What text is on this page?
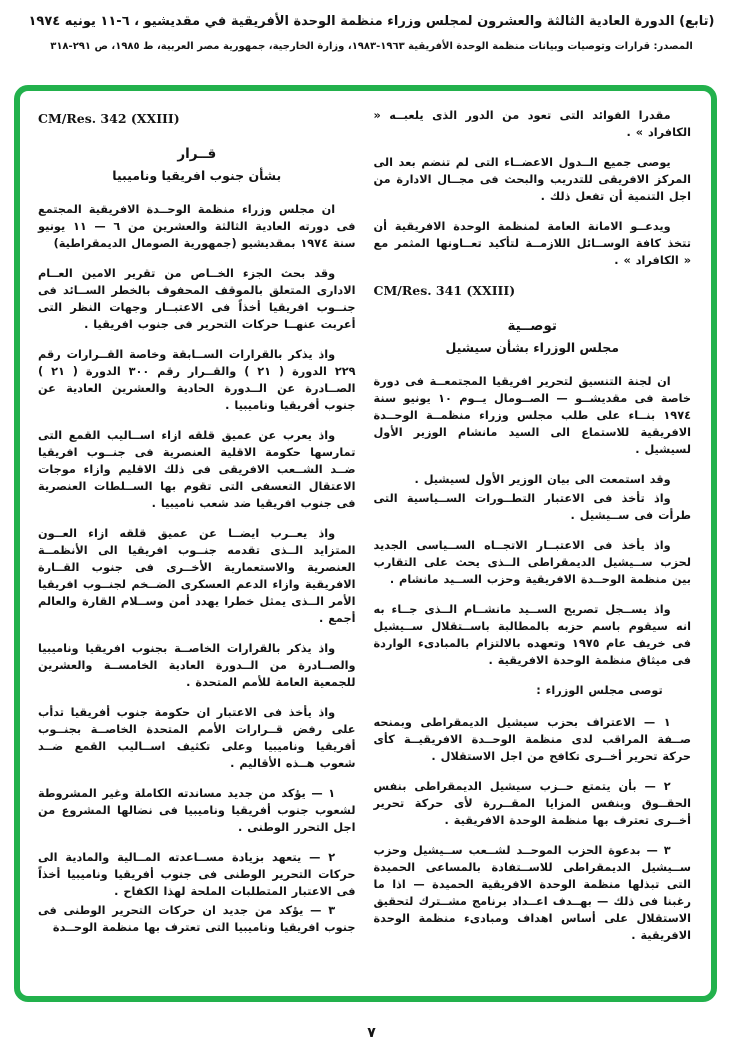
(تابع) الدورة العادية الثالثة والعشرون لمجلس وزراء منظمة الوحدة الأفريقية في مقديشيو ، ٦-١١ يونيه ١٩٧٤
المصدر: قرارات وتوصيات وبيانات منظمة الوحدة الأفريقية ١٩٦٣-١٩٨٣، وزارة الخارجية، جمهورية مصر العربية، ط ١٩٨٥، ص ٢٩١-٣١٨

مقدرا الفوائد التى تعود من الدور الذى يلعبــه « الكافراد » .

يوصى جميع الــدول الاعضــاء التى لم تنضم بعد الى المركز الافريقى للتدريب والبحث فى مجــال الادارة من اجل التنمية أن تفعل ذلك .

ويدعــو الامانة العامة لمنظمة الوحدة الافريقية أن تتخذ كافة الوســائل اللازمــة لتأكيد تعــاونها المثمر مع « الكافراد » .

CM/Res. 341 (XXIII)
توصــية
مجلس الوزراء بشأن سيشيل

ان لجنة التنسيق لتحرير افريقيا المجتمعــة فى دورة خاصة فى مقديشــو — الصــومال يــوم ١٠ يونيو سنة ١٩٧٤ بنــاء على طلب مجلس وزراء منظمــة الوحــدة الافريقية للاستماع الى السيد مانشام الوزير الأول لسيشيل .

وقد استمعت الى بيان الوزير الأول لسيشيل .

واذ تأخذ فى الاعتبار التطــورات الســياسية التى طرأت فى ســيشيل .

واذ يأخذ فى الاعتبــار الاتجــاه الســياسى الجديد لحزب ســيشيل الديمقراطى الــذى يحث على التقارب بين منظمة الوحــدة الافريقية وحزب الســيد مانشام .

واذ يســجل تصريح الســيد مانشــام الــذى جــاء به انه سيقوم باسم حزبه بالمطالبة باســتقلال ســيشيل فى خريف عام ١٩٧٥ وتعهده بالالتزام بالمبادىء الواردة فى ميثاق منظمة الوحدة الافريقية .

توصى مجلس الوزراء :

١ — الاعتراف بحزب سيشيل الديمقراطى وبمنحه صــفة المراقب لدى منظمة الوحــدة الافريقيــة كأى حركة تحرير أخــرى تكافح من اجل الاستقلال .

٢ — بأن يتمتع حــزب سيشيل الديمقراطى بنفس الحقــوق وبنفس المزايا المقــررة لأى حركة تحرير أخــرى تعترف بها منظمة الوحدة الافريقية .

٣ — بدعوة الحزب الموحــد لشــعب ســيشيل وحزب ســيشيل الديمقراطى للاســتفادة بالمساعى الحميدة التى تبذلها منظمة الوحدة الافريقية الحميدة — اذا ما رغبنا فى ذلك — بهــدف اعــداد برنامج مشــترك لتحقيق الاستقلال على أساس اهداف ومبادىء منظمة الوحدة الافريقية .

CM/Res. 342 (XXIII)
قــرار
بشأن جنوب افريقيا وناميبيا

ان مجلس وزراء منظمة الوحــدة الافريقية المجتمع فى دورته العادية الثالثة والعشرين من ٦ — ١١ يونيو سنة ١٩٧٤ بمقديشيو (جمهورية الصومال الديمقراطية)

وقد بحث الجزء الخــاص من تقرير الامين العــام الادارى المتعلق بالموقف المحفوف بالخطر الســائد فى جنــوب افريقيا أخذاً فى الاعتبــار وجهات النظر التى أعربت عنهــا حركات التحرير فى جنوب افريقيا .

واذ يذكر بالقرارات الســابقة وخاصة القــرارات رقم ٢٢٩ الدورة ( ٢١ ) والقــرار رقم ٣٠٠ الدورة ( ٢١ ) الصــادرة عن الــدورة الحادية والعشرين العادية عن جنوب أفريقيا وناميبيا .

واذ يعرب عن عميق قلقه ازاء اســاليب القمع التى تمارسها حكومة الاقلية العنصرية فى جنــوب افريقيا ضــد الشــعب الافريقى فى ذلك الاقليم وازاء موجات الاعتقال التعسفى التى تقوم بها الســلطات العنصرية فى جنوب افريقيا ضد شعب ناميبيا .

واذ يعــرب ايضــا عن عميق قلقه ازاء العــون المتزايد الــذى تقدمه جنــوب افريقيا الى الأنظمــة العنصرية والاستعمارية الأخــرى فى جنوب القــارة الافريقية وازاء الدعم العسكرى الضــخم لجنــوب افريقيا الأمر الــذى يمثل خطرا يهدد أمن وســلام القارة والعالم أجمع .

واذ يذكر بالقرارات الخاصــة بجنوب افريقيا وناميبيا والصــادرة من الــدورة العادية الخامســة والعشرين للجمعية العامة للأمم المتحدة .

واذ يأخذ فى الاعتبار ان حكومة جنوب أفريقيا تدأب على رفض قــرارات الأمم المتحدة الخاصــة بجنــوب أفريقيا وناميبيا وعلى تكثيف اســاليب القمع ضــد شعوب هــذه الأقاليم .

١ — يؤكد من جديد مساندته الكاملة وغير المشروطة لشعوب جنوب أفريقيا وناميبيا فى نضالها المشروع من اجل التحرر الوطنى .

٢ — يتعهد بزيادة مســاعدته المــالية والمادية الى حركات التحرير الوطنى فى جنوب أفريقيا وناميبيا أخذاً فى الاعتبار المتطلبات الملحة لهذا الكفاح .

٣ — يؤكد من جديد ان حركات التحرير الوطنى فى جنوب افريقيا وناميبيا التى تعترف بها منظمة الوحــدة

٧
